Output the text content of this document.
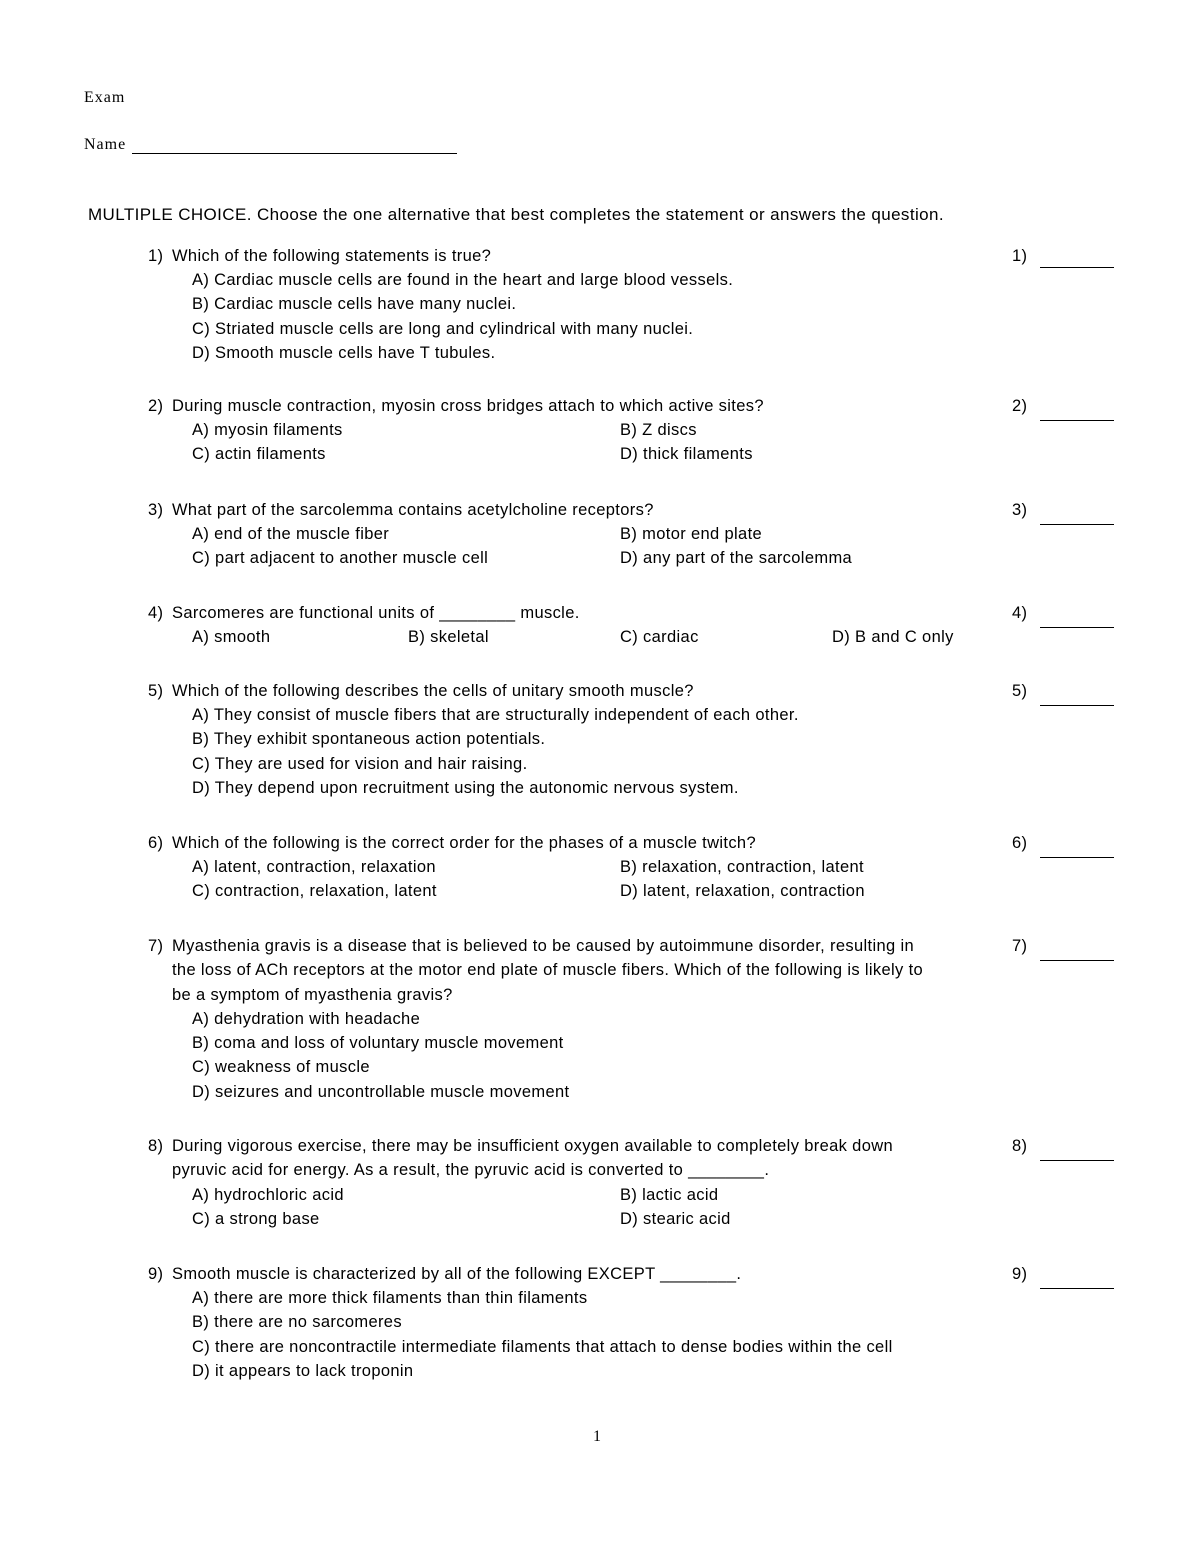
Exam
Name
MULTIPLE CHOICE. Choose the one alternative that best completes the statement or answers the question.
1) Which of the following statements is true?
A) Cardiac muscle cells are found in the heart and large blood vessels.
B) Cardiac muscle cells have many nuclei.
C) Striated muscle cells are long and cylindrical with many nuclei.
D) Smooth muscle cells have T tubules.
1)
2) During muscle contraction, myosin cross bridges attach to which active sites?
A) myosin filaments	B) Z discs
C) actin filaments	D) thick filaments
2)
3) What part of the sarcolemma contains acetylcholine receptors?
A) end of the muscle fiber	B) motor end plate
C) part adjacent to another muscle cell	D) any part of the sarcolemma
3)
4) Sarcomeres are functional units of ________ muscle.
A) smooth	B) skeletal	C) cardiac	D) B and C only
4)
5) Which of the following describes the cells of unitary smooth muscle?
A) They consist of muscle fibers that are structurally independent of each other.
B) They exhibit spontaneous action potentials.
C) They are used for vision and hair raising.
D) They depend upon recruitment using the autonomic nervous system.
5)
6) Which of the following is the correct order for the phases of a muscle twitch?
A) latent, contraction, relaxation	B) relaxation, contraction, latent
C) contraction, relaxation, latent	D) latent, relaxation, contraction
6)
7) Myasthenia gravis is a disease that is believed to be caused by autoimmune disorder, resulting in
the loss of ACh receptors at the motor end plate of muscle fibers. Which of the following is likely to
be a symptom of myasthenia gravis?
A) dehydration with headache
B) coma and loss of voluntary muscle movement
C) weakness of muscle
D) seizures and uncontrollable muscle movement
7)
8) During vigorous exercise, there may be insufficient oxygen available to completely break down
pyruvic acid for energy. As a result, the pyruvic acid is converted to ________.
A) hydrochloric acid	B) lactic acid
C) a strong base	D) stearic acid
8)
9) Smooth muscle is characterized by all of the following EXCEPT ________.
A) there are more thick filaments than thin filaments
B) there are no sarcomeres
C) there are noncontractile intermediate filaments that attach to dense bodies within the cell
D) it appears to lack troponin
9)
1
